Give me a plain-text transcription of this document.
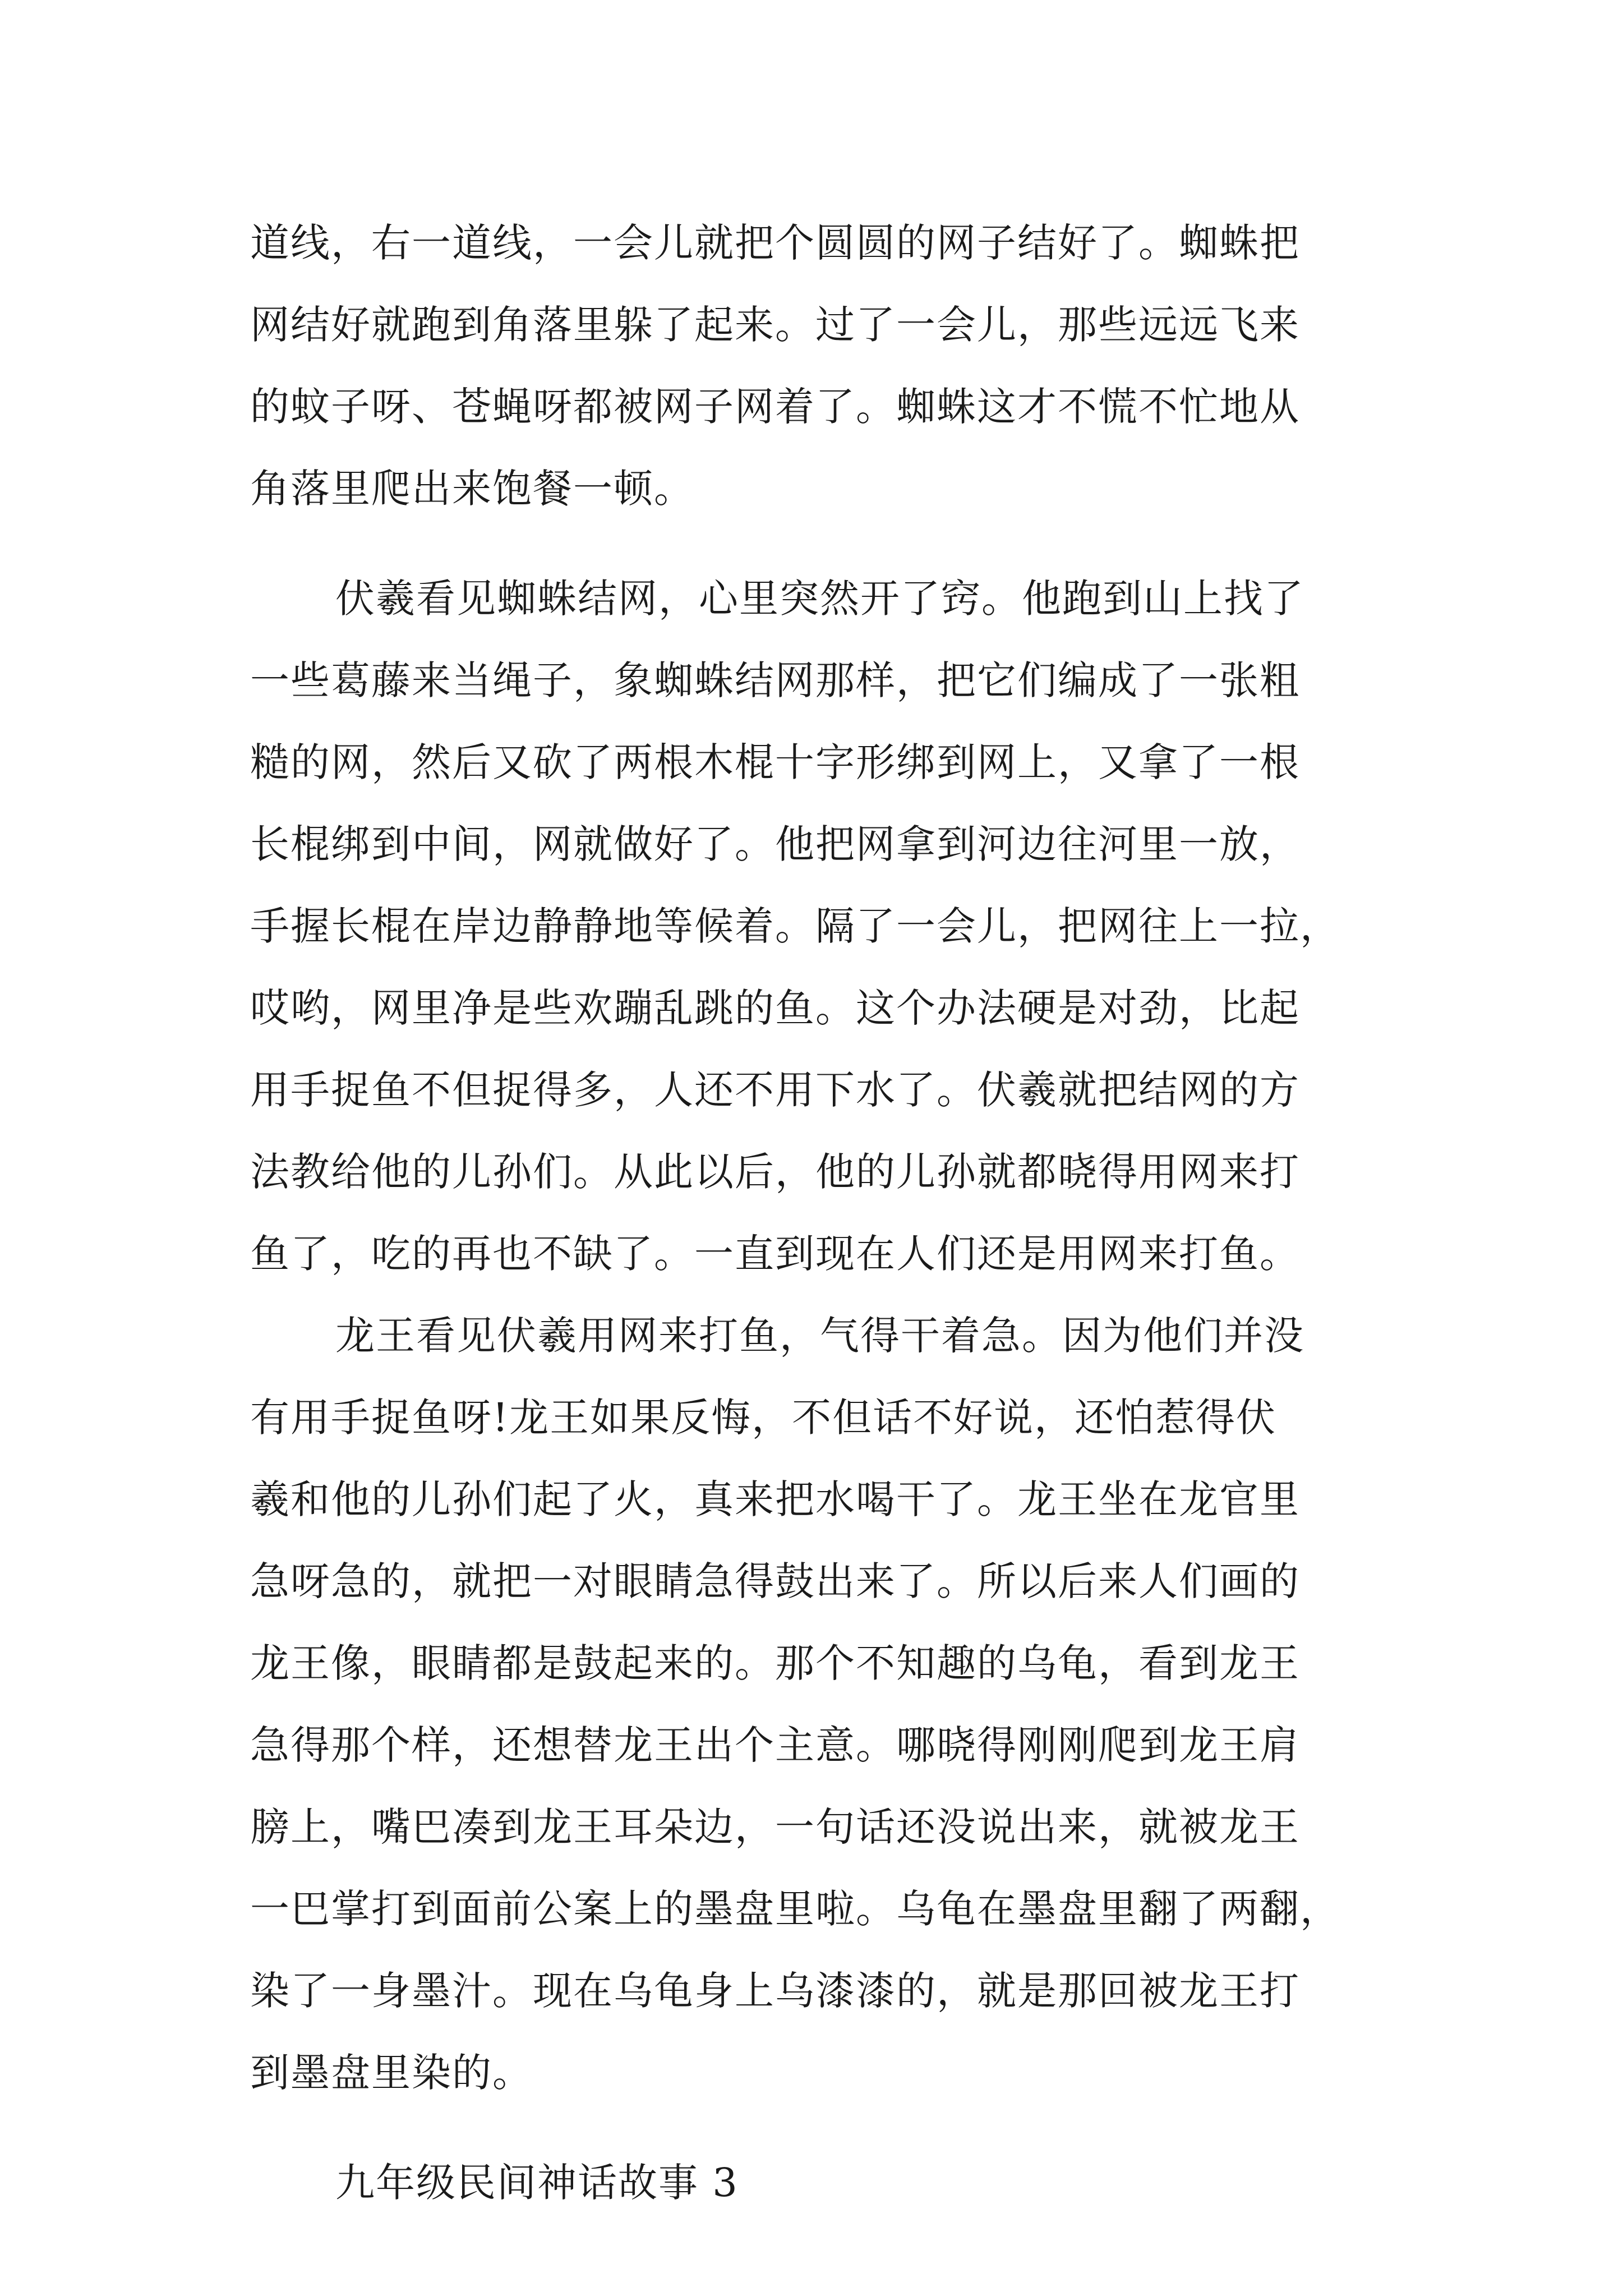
道线，右一道线，一会儿就把个圆圆的网子结好了。蜘蛛把
网结好就跑到角落里躲了起来。过了一会儿，那些远远飞来
的蚊子呀、苍蝇呀都被网子网着了。蜘蛛这才不慌不忙地从
角落里爬出来饱餐一顿。
伏羲看见蜘蛛结网，心里突然开了窍。他跑到山上找了
一些葛藤来当绳子，象蜘蛛结网那样，把它们编成了一张粗
糙的网，然后又砍了两根木棍十字形绑到网上，又拿了一根
长棍绑到中间，网就做好了。他把网拿到河边往河里一放，
手握长棍在岸边静静地等候着。隔了一会儿，把网往上一拉，
哎哟，网里净是些欢蹦乱跳的鱼。这个办法硬是对劲，比起
用手捉鱼不但捉得多，人还不用下水了。伏羲就把结网的方
法教给他的儿孙们。从此以后，他的儿孙就都晓得用网来打
鱼了，吃的再也不缺了。一直到现在人们还是用网来打鱼。
龙王看见伏羲用网来打鱼，气得干着急。因为他们并没
有用手捉鱼呀!龙王如果反悔，不但话不好说，还怕惹得伏
羲和他的儿孙们起了火，真来把水喝干了。龙王坐在龙官里
急呀急的，就把一对眼睛急得鼓出来了。所以后来人们画的
龙王像，眼睛都是鼓起来的。那个不知趣的乌龟，看到龙王
急得那个样，还想替龙王出个主意。哪晓得刚刚爬到龙王肩
膀上，嘴巴凑到龙王耳朵边，一句话还没说出来，就被龙王
一巴掌打到面前公案上的墨盘里啦。乌龟在墨盘里翻了两翻，
染了一身墨汁。现在乌龟身上乌漆漆的，就是那回被龙王打
到墨盘里染的。
九年级民间神话故事 3
